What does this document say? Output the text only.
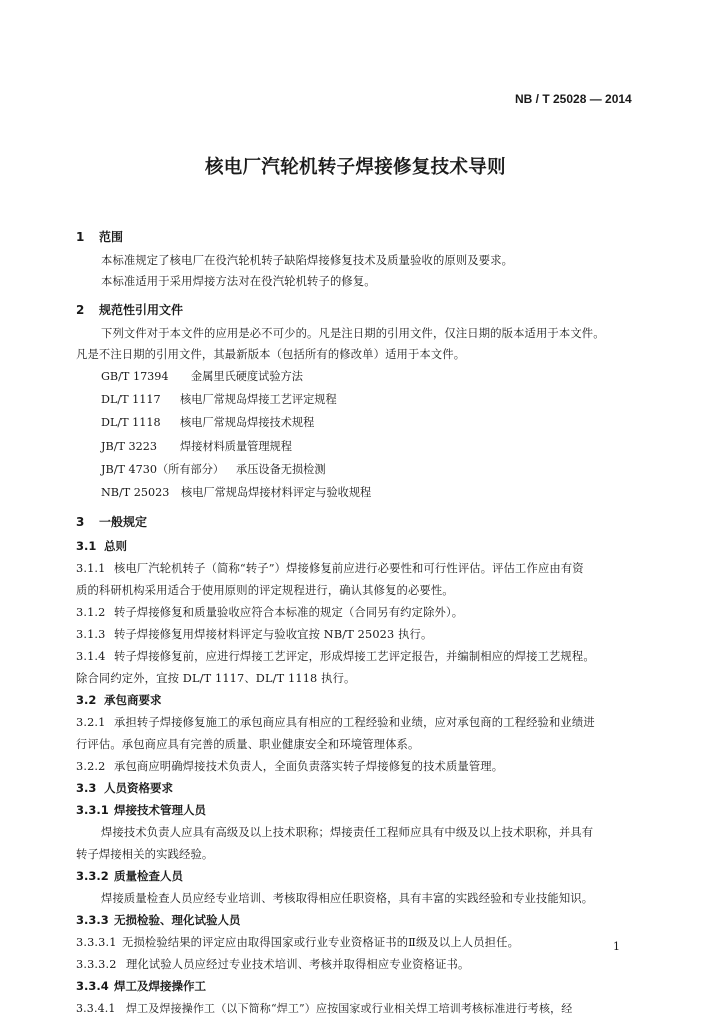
NB / T 25028 — 2014
核电厂汽轮机转子焊接修复技术导则
1 范围
本标准规定了核电厂在役汽轮机转子缺陷焊接修复技术及质量验收的原则及要求。
本标准适用于采用焊接方法对在役汽轮机转子的修复。
2 规范性引用文件
下列文件对于本文件的应用是必不可少的。凡是注日期的引用文件，仅注日期的版本适用于本文件。
凡是不注日期的引用文件，其最新版本（包括所有的修改单）适用于本文件。
GB/T 17394 金属里氏硬度试验方法
DL/T 1117 核电厂常规岛焊接工艺评定规程
DL/T 1118 核电厂常规岛焊接技术规程
JB/T 3223 焊接材料质量管理规程
JB/T 4730（所有部分） 承压设备无损检测
NB/T 25023 核电厂常规岛焊接材料评定与验收规程
3 一般规定
3.1 总则
3.1.1 核电厂汽轮机转子（简称“转子”）焊接修复前应进行必要性和可行性评估。评估工作应由有资
质的科研机构采用适合于使用原则的评定规程进行，确认其修复的必要性。
3.1.2 转子焊接修复和质量验收应符合本标准的规定（合同另有约定除外）。
3.1.3 转子焊接修复用焊接材料评定与验收宜按 NB/T 25023 执行。
3.1.4 转子焊接修复前，应进行焊接工艺评定，形成焊接工艺评定报告，并编制相应的焊接工艺规程。
除合同约定外，宜按 DL/T 1117、DL/T 1118 执行。
3.2 承包商要求
3.2.1 承担转子焊接修复施工的承包商应具有相应的工程经验和业绩，应对承包商的工程经验和业绩进
行评估。承包商应具有完善的质量、职业健康安全和环境管理体系。
3.2.2 承包商应明确焊接技术负责人，全面负责落实转子焊接修复的技术质量管理。
3.3 人员资格要求
3.3.1 焊接技术管理人员
焊接技术负责人应具有高级及以上技术职称；焊接责任工程师应具有中级及以上技术职称，并具有
转子焊接相关的实践经验。
3.3.2 质量检查人员
焊接质量检查人员应经专业培训、考核取得相应任职资格，具有丰富的实践经验和专业技能知识。
3.3.3 无损检验、理化试验人员
3.3.3.1 无损检验结果的评定应由取得国家或行业专业资格证书的Ⅱ级及以上人员担任。
3.3.3.2 理化试验人员应经过专业技术培训、考核并取得相应专业资格证书。
3.3.4 焊工及焊接操作工
3.3.4.1 焊工及焊接操作工（以下简称“焊工”）应按国家或行业相关焊工培训考核标准进行考核，经
1
